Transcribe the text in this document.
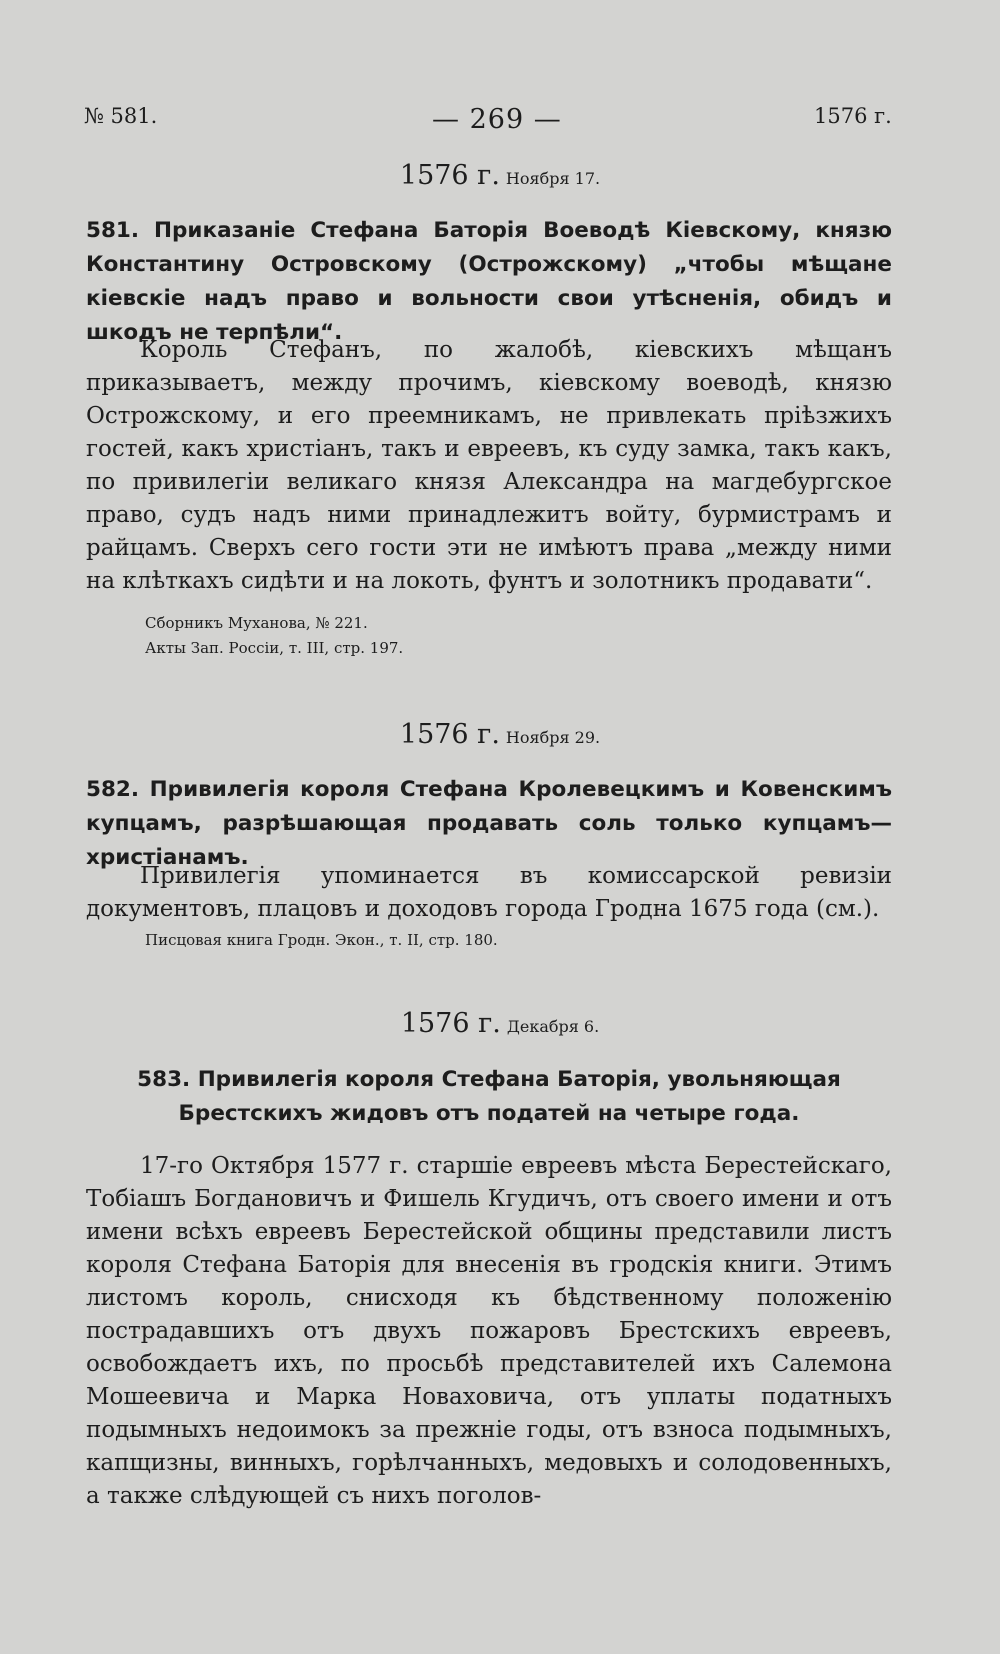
№ 581.	— 269 —	1576 г.
1576 г. Ноября 17.
581. Приказаніе Стефана Баторія Воеводѣ Кіевскому, князю Константину Островскому (Острожскому) „чтобы мѣщане кіевскіе надъ право и вольности свои утѣсненія, обидъ и шкодъ не терпѣли“.
Король Стефанъ, по жалобѣ, кіевскихъ мѣщанъ приказываетъ, между прочимъ, кіевскому воеводѣ, князю Острожскому, и его преемникамъ, не привлекать пріѣзжихъ гостей, какъ христіанъ, такъ и евреевъ, къ суду замка, такъ какъ, по привилегіи великаго князя Александра на магдебургское право, судъ надъ ними принадлежитъ войту, бурмистрамъ и райцамъ. Сверхъ сего гости эти не имѣютъ права „между ними на клѣткахъ сидѣти и на локоть, фунтъ и золотникъ продавати“.
Сборникъ Муханова, № 221.
Акты Зап. Россіи, т. III, стр. 197.
1576 г. Ноября 29.
582. Привилегія короля Стефана Кролевецкимъ и Ковенскимъ купцамъ, разрѣшающая продавать соль только купцамъ—христіанамъ.
Привилегія упоминается въ комиссарской ревизіи документовъ, плацовъ и доходовъ города Гродна 1675 года (см.).
Писцовая книга Гродн. Экон., т. II, стр. 180.
1576 г. Декабря 6.
583. Привилегія короля Стефана Баторія, увольняющая Брестскихъ жидовъ отъ податей на четыре года.
17-го Октября 1577 г. старшіе евреевъ мѣста Берестейскаго, Тобіашъ Богдановичъ и Фишель Кгудичъ, отъ своего имени и отъ имени всѣхъ евреевъ Берестейской общины представили листъ короля Стефана Баторія для внесенія въ гродскія книги. Этимъ листомъ король, снисходя къ бѣдственному положенію пострадавшихъ отъ двухъ пожаровъ Брестскихъ евреевъ, освобождаетъ ихъ, по просьбѣ представителей ихъ Салемона Мошеевича и Марка Новаховича, отъ уплаты податныхъ подымныхъ недоимокъ за прежніе годы, отъ взноса подымныхъ, капщизны, винныхъ, горѣлчанныхъ, медовыхъ и солодовенныхъ, а также слѣдующей съ нихъ поголов-
